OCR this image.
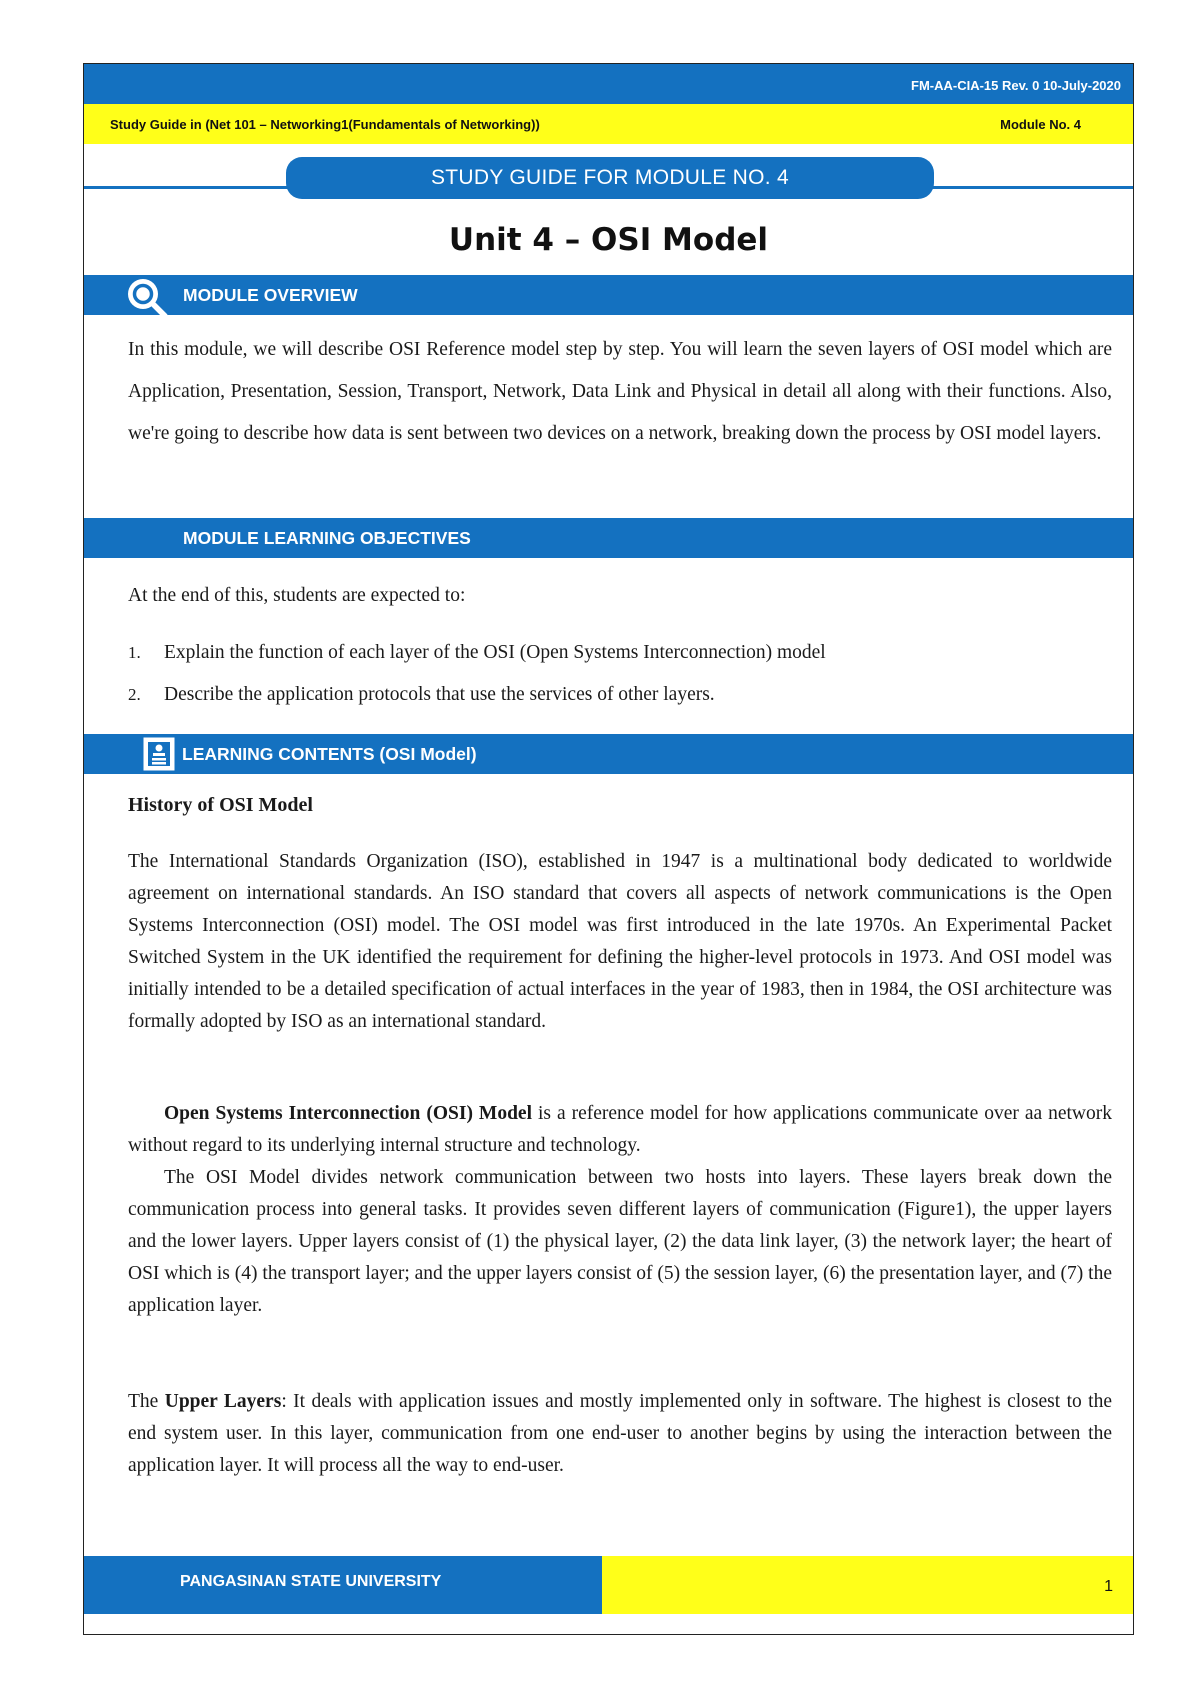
FM-AA-CIA-15 Rev. 0 10-July-2020
Study Guide in (Net 101 – Networking1(Fundamentals of Networking))	Module No. 4
STUDY GUIDE FOR MODULE NO. 4
Unit 4 – OSI Model
MODULE OVERVIEW

In this module, we will describe OSI Reference model step by step. You will learn the seven layers of OSI model which are Application, Presentation, Session, Transport, Network, Data Link and Physical in detail all along with their functions. Also, we're going to describe how data is sent between two devices on a network, breaking down the process by OSI model layers.

MODULE LEARNING OBJECTIVES

At the end of this, students are expected to:

1. Explain the function of each layer of the OSI (Open Systems Interconnection) model
2. Describe the application protocols that use the services of other layers.
LEARNING CONTENTS (OSI Model)
History of OSI Model

The International Standards Organization (ISO), established in 1947 is a multinational body dedicated to worldwide agreement on international standards. An ISO standard that covers all aspects of network communications is the Open Systems Interconnection (OSI) model. The OSI model was first introduced in the late 1970s. An Experimental Packet Switched System in the UK identified the requirement for defining the higher-level protocols in 1973. And OSI model was initially intended to be a detailed specification of actual interfaces in the year of 1983, then in 1984, the OSI architecture was formally adopted by ISO as an international standard.

Open Systems Interconnection (OSI) Model is a reference model for how applications communicate over aa network without regard to its underlying internal structure and technology.

The OSI Model divides network communication between two hosts into layers. These layers break down the communication process into general tasks. It provides seven different layers of communication (Figure1), the upper layers and the lower layers. Upper layers consist of (1) the physical layer, (2) the data link layer, (3) the network layer; the heart of OSI which is (4) the transport layer; and the upper layers consist of (5) the session layer, (6) the presentation layer, and (7) the application layer.

The Upper Layers: It deals with application issues and mostly implemented only in software. The highest is closest to the end system user. In this layer, communication from one end-user to another begins by using the interaction between the application layer. It will process all the way to end-user.

PANGASINAN STATE UNIVERSITY	1
